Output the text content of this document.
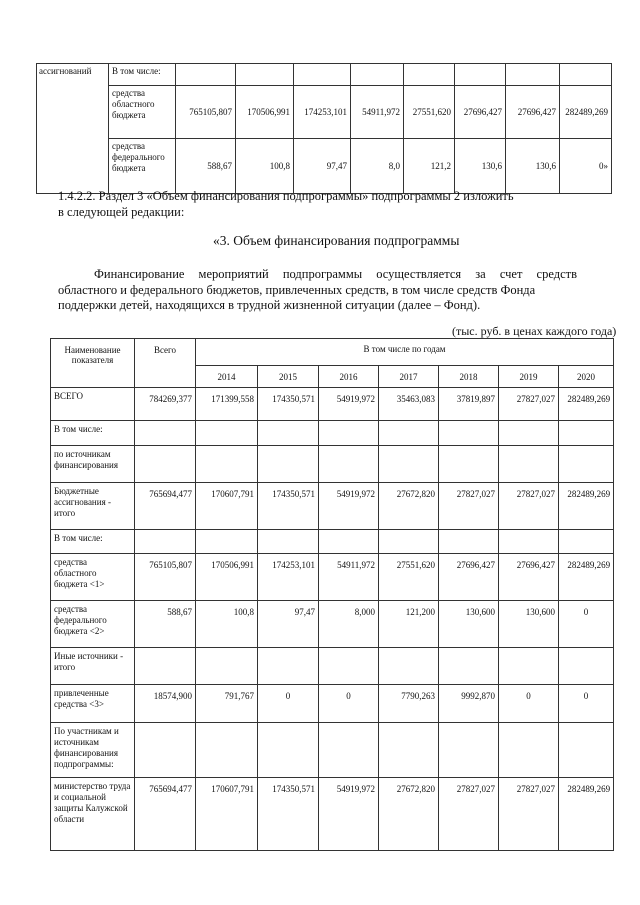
ассигнований	В том числе:								
	средства областного бюджета	765105,807	170506,991	174253,101	54911,972	27551,620	27696,427	27696,427	282489,269
	средства федерального бюджета	588,67	100,8	97,47	8,0	121,2	130,6	130,6	0»
1.4.2.2. Раздел 3 «Объем финансирования подпрограммы» подпрограммы 2 изложить
в следующей редакции:
«3. Объем финансирования подпрограммы
Финансирование мероприятий подпрограммы осуществляется за счет средств
областного и федерального бюджетов, привлеченных средств, в том числе средств Фонда
поддержки детей, находящихся в трудной жизненной ситуации (далее – Фонд).
(тыс. руб. в ценах каждого года)
Наименование показателя	Всего	В том числе по годам						
		2014	2015	2016	2017	2018	2019	2020
ВСЕГО	784269,377	171399,558	174350,571	54919,972	35463,083	37819,897	27827,027	282489,269
В том числе:								
по источникам финансирования								
Бюджетные ассигнования - итого	765694,477	170607,791	174350,571	54919,972	27672,820	27827,027	27827,027	282489,269
В том числе:								
средства областного бюджета <1>	765105,807	170506,991	174253,101	54911,972	27551,620	27696,427	27696,427	282489,269
средства федерального бюджета <2>	588,67	100,8	97,47	8,000	121,200	130,600	130,600	0
Иные источники - итого								
привлеченные средства <3>	18574,900	791,767	0	0	7790,263	9992,870	0	0
По участникам и источникам финансирования подпрограммы:								
министерство труда и социальной защиты Калужской области	765694,477	170607,791	174350,571	54919,972	27672,820	27827,027	27827,027	282489,269
